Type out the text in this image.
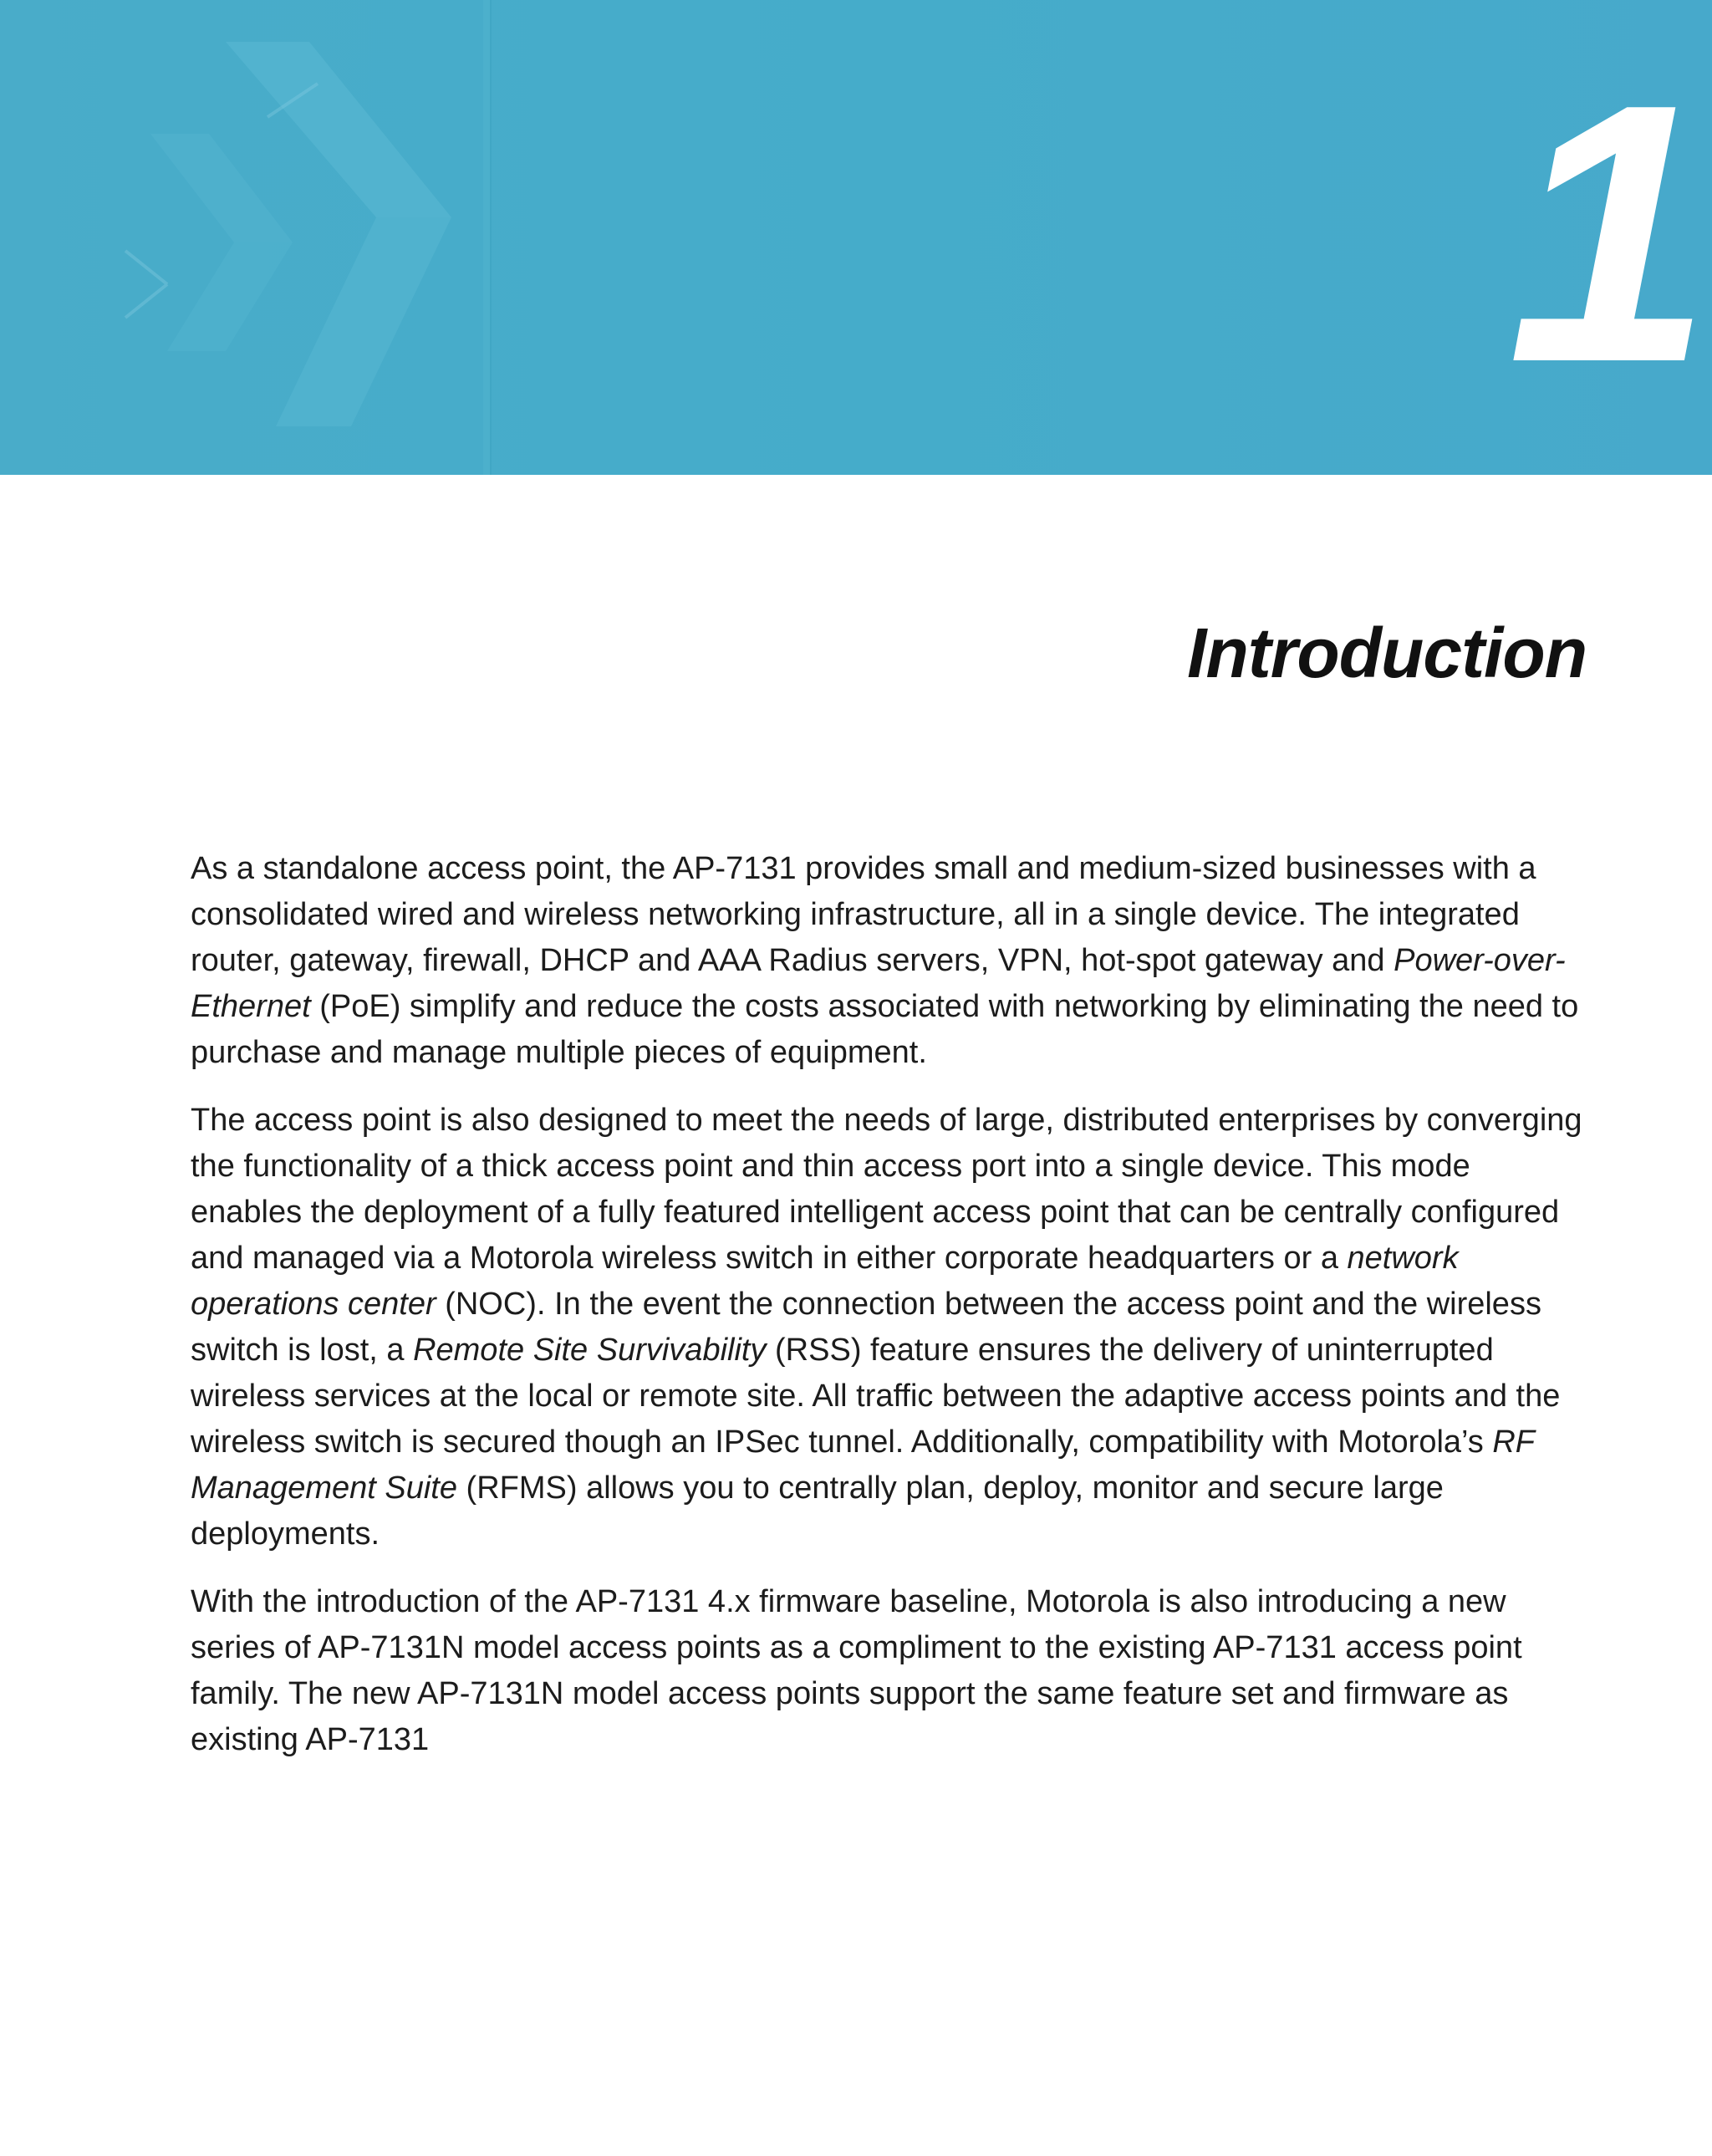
1
Introduction

As a standalone access point, the AP-7131 provides small and medium-sized businesses with a consolidated wired and wireless networking infrastructure, all in a single device. The integrated router, gateway, firewall, DHCP and AAA Radius servers, VPN, hot-spot gateway and Power-over-Ethernet (PoE) simplify and reduce the costs associated with networking by eliminating the need to purchase and manage multiple pieces of equipment.

The access point is also designed to meet the needs of large, distributed enterprises by converging the functionality of a thick access point and thin access port into a single device. This mode enables the deployment of a fully featured intelligent access point that can be centrally configured and managed via a Motorola wireless switch in either corporate headquarters or a network operations center (NOC). In the event the connection between the access point and the wireless switch is lost, a Remote Site Survivability (RSS) feature ensures the delivery of uninterrupted wireless services at the local or remote site. All traffic between the adaptive access points and the wireless switch is secured though an IPSec tunnel. Additionally, compatibility with Motorola’s RF Management Suite (RFMS) allows you to centrally plan, deploy, monitor and secure large deployments.

With the introduction of the AP-7131 4.x firmware baseline, Motorola is also introducing a new series of AP-7131N model access points as a compliment to the existing AP-7131 access point family. The new AP-7131N model access points support the same feature set and firmware as existing AP-7131
